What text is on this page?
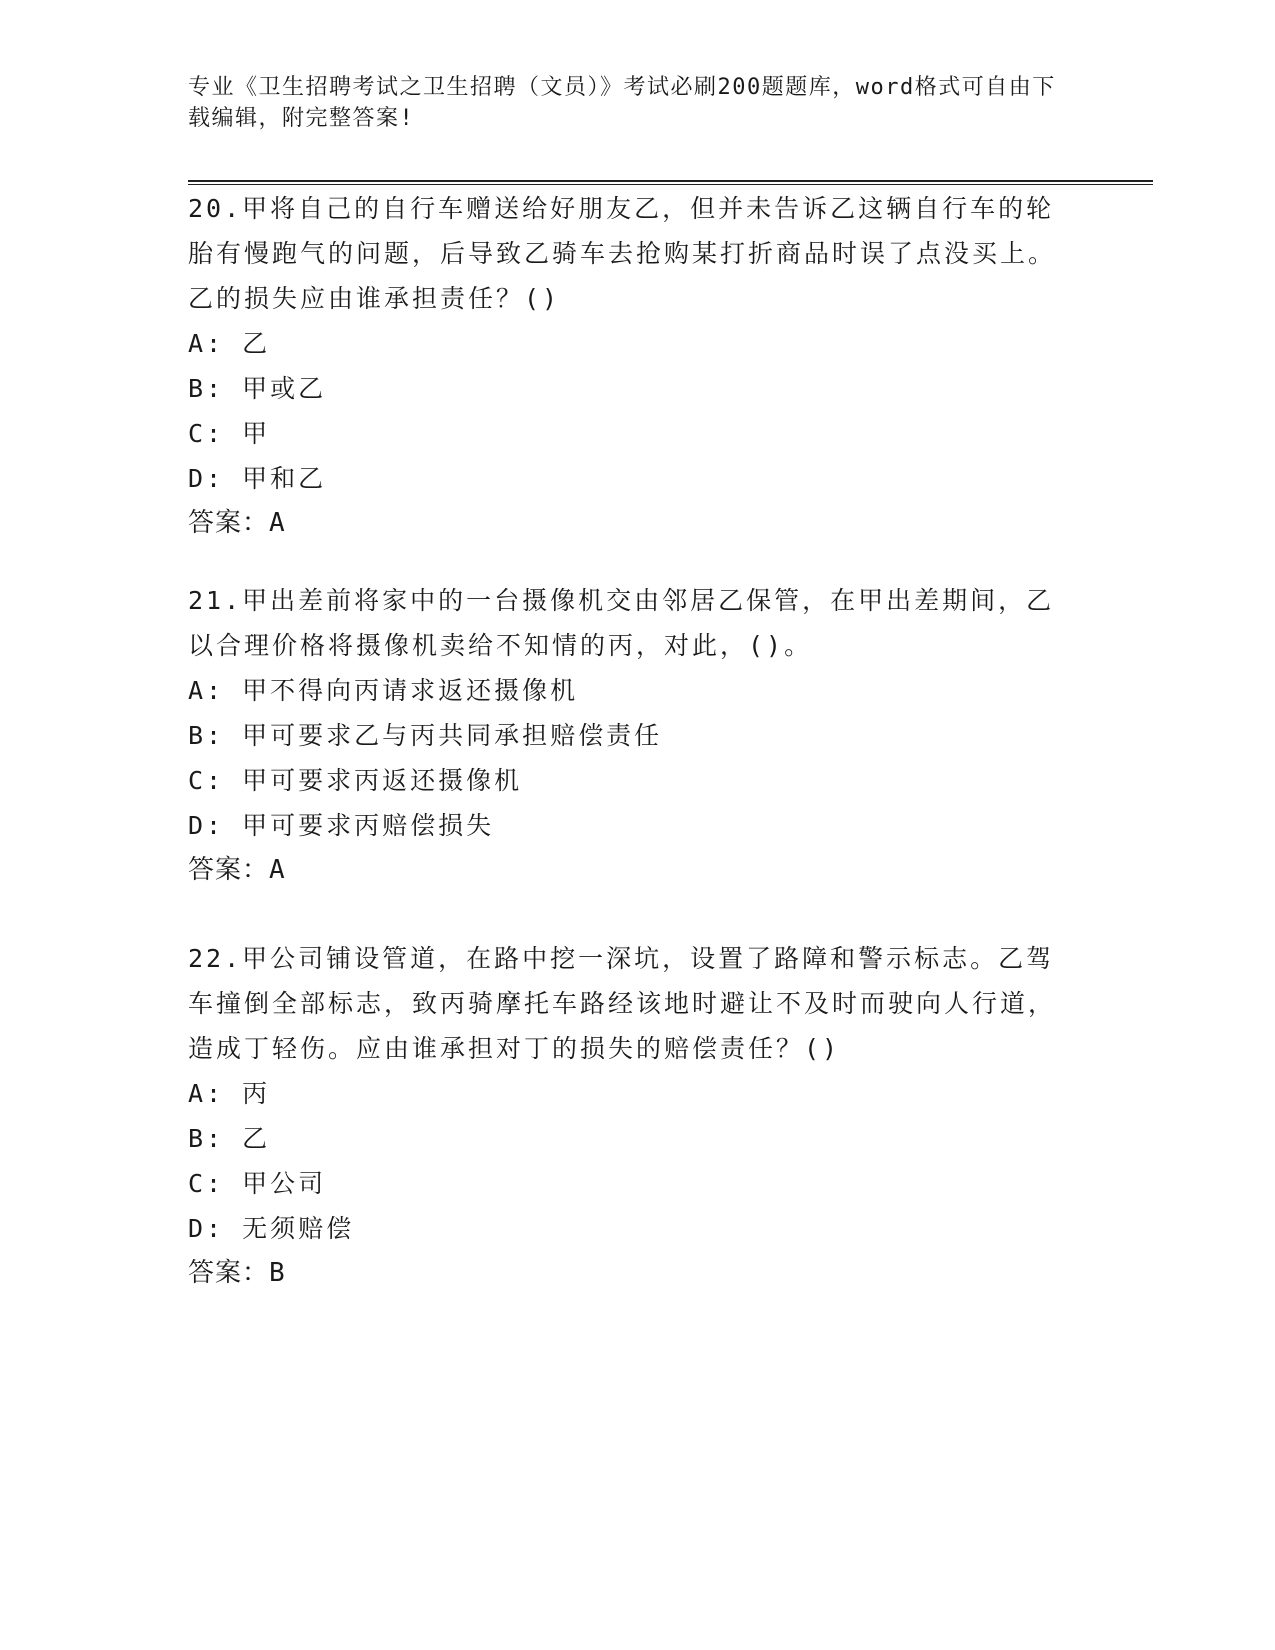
专业《卫生招聘考试之卫生招聘（文员）》考试必刷200题题库，word格式可自由下载编辑，附完整答案!

20.甲将自己的自行车赠送给好朋友乙，但并未告诉乙这辆自行车的轮胎有慢跑气的问题，后导致乙骑车去抢购某打折商品时误了点没买上。乙的损失应由谁承担责任？()

A: 乙

B: 甲或乙

C: 甲

D: 甲和乙

答案：A

21.甲出差前将家中的一台摄像机交由邻居乙保管，在甲出差期间，乙以合理价格将摄像机卖给不知情的丙，对此，()。

A: 甲不得向丙请求返还摄像机

B: 甲可要求乙与丙共同承担赔偿责任

C: 甲可要求丙返还摄像机

D: 甲可要求丙赔偿损失

答案：A

22.甲公司铺设管道，在路中挖一深坑，设置了路障和警示标志。乙驾车撞倒全部标志，致丙骑摩托车路经该地时避让不及时而驶向人行道，造成丁轻伤。应由谁承担对丁的损失的赔偿责任？()

A: 丙

B: 乙

C: 甲公司

D: 无须赔偿

答案：B
